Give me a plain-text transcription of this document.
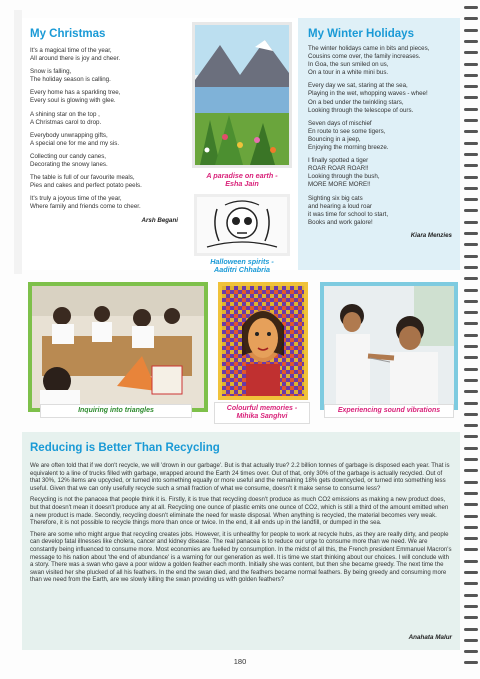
My Christmas

It's a magical time of the year,
All around there is joy and cheer.

Snow is falling,
The holiday season is calling.

Every home has a sparkling tree,
Every soul is glowing with glee.

A shining star on the top ,
A Christmas carol to drop.

Everybody unwrapping gifts,
A special one for me and my sis.

Collecting our candy canes,
Decorating the snowy lanes.

The table is full of our favourite meals,
Pies and cakes and perfect potato peels.

It's truly a joyous time of the year,
Where family and friends come to cheer.

Arsh Begani
A paradise on earth -
Esha Jain
Halloween spirits -
Aaditri Chhabria
My Winter Holidays

The winter holidays came in bits and pieces,
Cousins come over, the family increases.
In Goa, the sun smiled on us,
On a tour in a white mini bus.

Every day we sat, staring at the sea,
Playing in the wet, whopping waves - whee!
On a bed under the twinkling stars,
Looking through the telescope of ours.

Seven days of mischief
En route to see some tigers,
Bouncing in a jeep,
Enjoying the morning breeze.

I finally spotted a tiger
ROAR ROAR ROAR!!
Looking through the bush,
MORE MORE MORE!!

Sighting six big cats
and hearing a loud roar
it was time for school to start,
Books and work galore!

Kiara Menzies
Inquiring into triangles	Colourful memories -
Mihika Sanghvi
Experiencing sound vibrations
Reducing is Better Than Recycling

We are often told that if we don't recycle, we will 'drown in our garbage'. But is that actually true? 2.2 billion tonnes of garbage is disposed each year. That is equivalent to a line of trucks filled with garbage, wrapped around the Earth 24 times over. Out of that, only 30% of the garbage is actually recycled. Out of that 30%, 12% items are upcycled, or turned into something equally or more useful and the remaining 18% gets downcycled, or turned into something less useful. Given that we can only usefully recycle such a small fraction of what we consume, doesn't it make sense to consume less?

Recycling is not the panacea that people think it is. Firstly, it is true that recycling doesn't produce as much CO2 emissions as making a new product does, but that doesn't mean it doesn't produce any at all. Recycling one ounce of plastic emits one ounce of CO2, which is still a third of the amount emitted when a new product is made. Secondly, recycling doesn't eliminate the need for waste disposal. When anything is recycled, the material becomes very weak. Therefore, it is not possible to recycle things more than once or twice. In the end, it all ends up in the landfill, or dumped in the sea.

There are some who might argue that recycling creates jobs. However, it is unhealthy for people to work at recycle hubs, as they are really dirty, and people can develop fatal illnesses like cholera, cancer and kidney disease. The real panacea is to reduce our urge to consume more than we need. We are constantly being influenced to consume more. Most economies are fuelled by consumption. In the midst of all this, the French president Emmanuel Macron's message to his nation about 'the end of abundance' is a warning for our generation as well. It is time we start thinking about our choices. I will conclude with a story. There was a swan who gave a poor widow a golden feather each month. Initially she was content, but then she became greedy. The next time the swan visited her she plucked of all his feathers. In the end the swan died, and the feathers became normal feathers. By being greedy and consuming more than we need from the Earth, are we slowly killing the swan providing us with golden feathers?

Anahata Malur
180
